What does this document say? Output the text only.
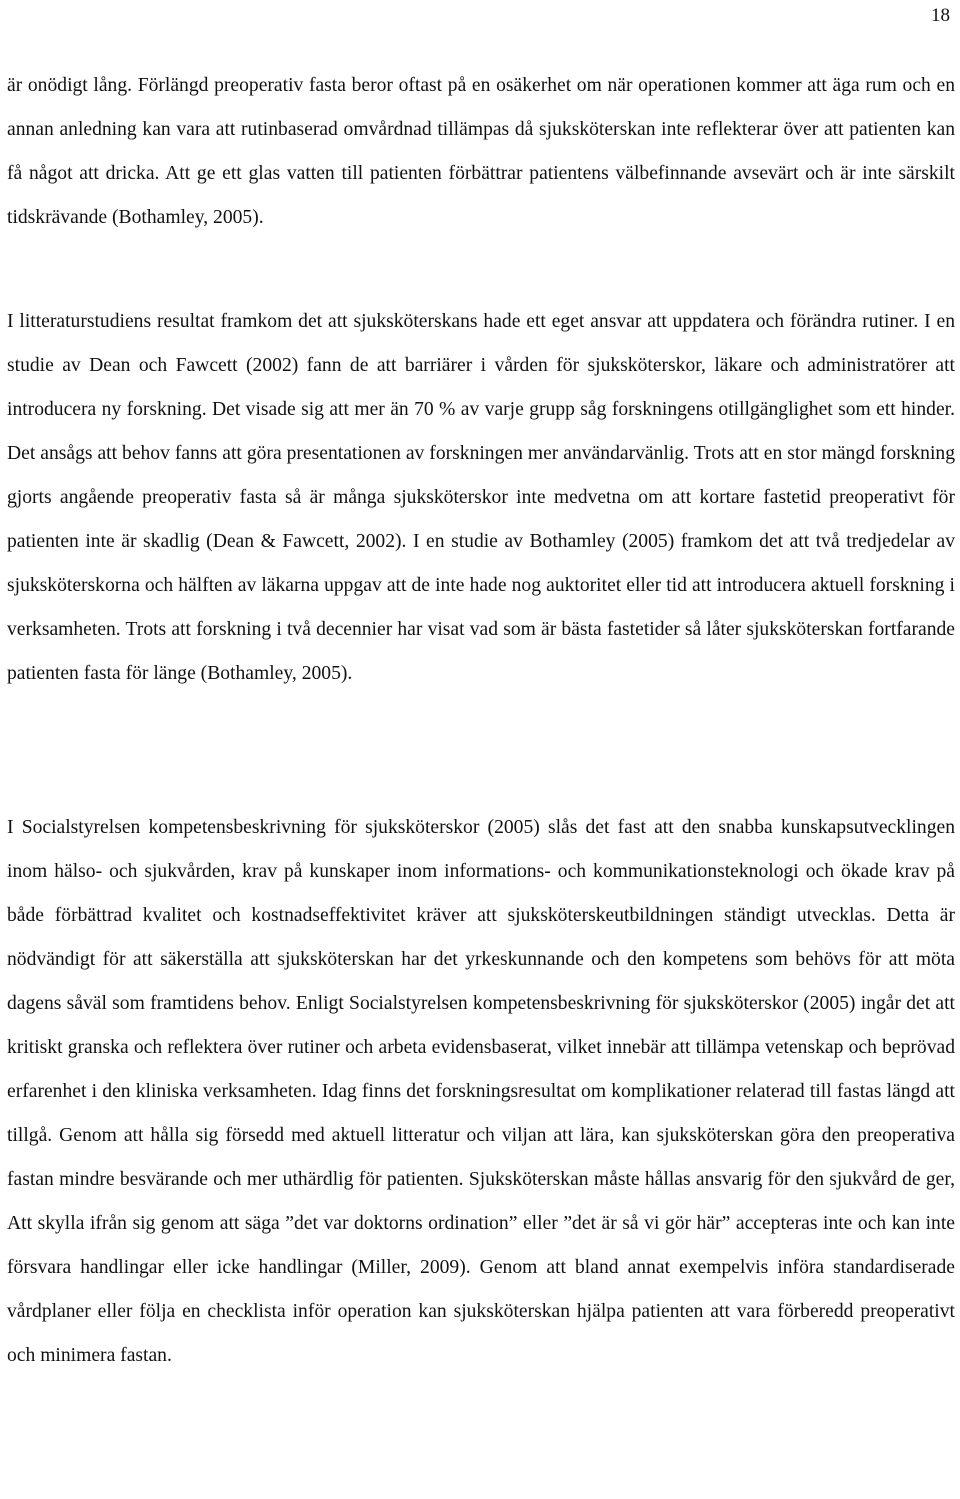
18

är onödigt lång. Förlängd preoperativ fasta beror oftast på en osäkerhet om när operationen kommer att äga rum och en annan anledning kan vara att rutinbaserad omvårdnad tillämpas då sjuksköterskan inte reflekterar över att patienten kan få något att dricka. Att ge ett glas vatten till patienten förbättrar patientens välbefinnande avsevärt och är inte särskilt tidskrävande (Bothamley, 2005).

I litteraturstudiens resultat framkom det att sjuksköterskans hade ett eget ansvar att uppdatera och förändra rutiner. I en studie av Dean och Fawcett (2002) fann de att barriärer i vården för sjuksköterskor, läkare och administratörer att introducera ny forskning. Det visade sig att mer än 70 % av varje grupp såg forskningens otillgänglighet som ett hinder. Det ansågs att behov fanns att göra presentationen av forskningen mer användarvänlig. Trots att en stor mängd forskning gjorts angående preoperativ fasta så är många sjuksköterskor inte medvetna om att kortare fastetid preoperativt för patienten inte är skadlig (Dean & Fawcett, 2002). I en studie av Bothamley (2005) framkom det att två tredjedelar av sjuksköterskorna och hälften av läkarna uppgav att de inte hade nog auktoritet eller tid att introducera aktuell forskning i verksamheten. Trots att forskning i två decennier har visat vad som är bästa fastetider så låter sjuksköterskan fortfarande patienten fasta för länge (Bothamley, 2005).

I Socialstyrelsen kompetensbeskrivning för sjuksköterskor (2005) slås det fast att den snabba kunskapsutvecklingen inom hälso- och sjukvården, krav på kunskaper inom informations- och kommunikationsteknologi och ökade krav på både förbättrad kvalitet och kostnadseffektivitet kräver att sjuksköterskeutbildningen ständigt utvecklas. Detta är nödvändigt för att säkerställa att sjuksköterskan har det yrkeskunnande och den kompetens som behövs för att möta dagens såväl som framtidens behov. Enligt Socialstyrelsen kompetensbeskrivning för sjuksköterskor (2005) ingår det att kritiskt granska och reflektera över rutiner och arbeta evidensbaserat, vilket innebär att tillämpa vetenskap och beprövad erfarenhet i den kliniska verksamheten. Idag finns det forskningsresultat om komplikationer relaterad till fastas längd att tillgå. Genom att hålla sig försedd med aktuell litteratur och viljan att lära, kan sjuksköterskan göra den preoperativa fastan mindre besvärande och mer uthärdlig för patienten. Sjuksköterskan måste hållas ansvarig för den sjukvård de ger, Att skylla ifrån sig genom att säga ”det var doktorns ordination” eller ”det är så vi gör här” accepteras inte och kan inte försvara handlingar eller icke handlingar (Miller, 2009). Genom att bland annat exempelvis införa standardiserade vårdplaner eller följa en checklista inför operation kan sjuksköterskan hjälpa patienten att vara förberedd preoperativt och minimera fastan.
